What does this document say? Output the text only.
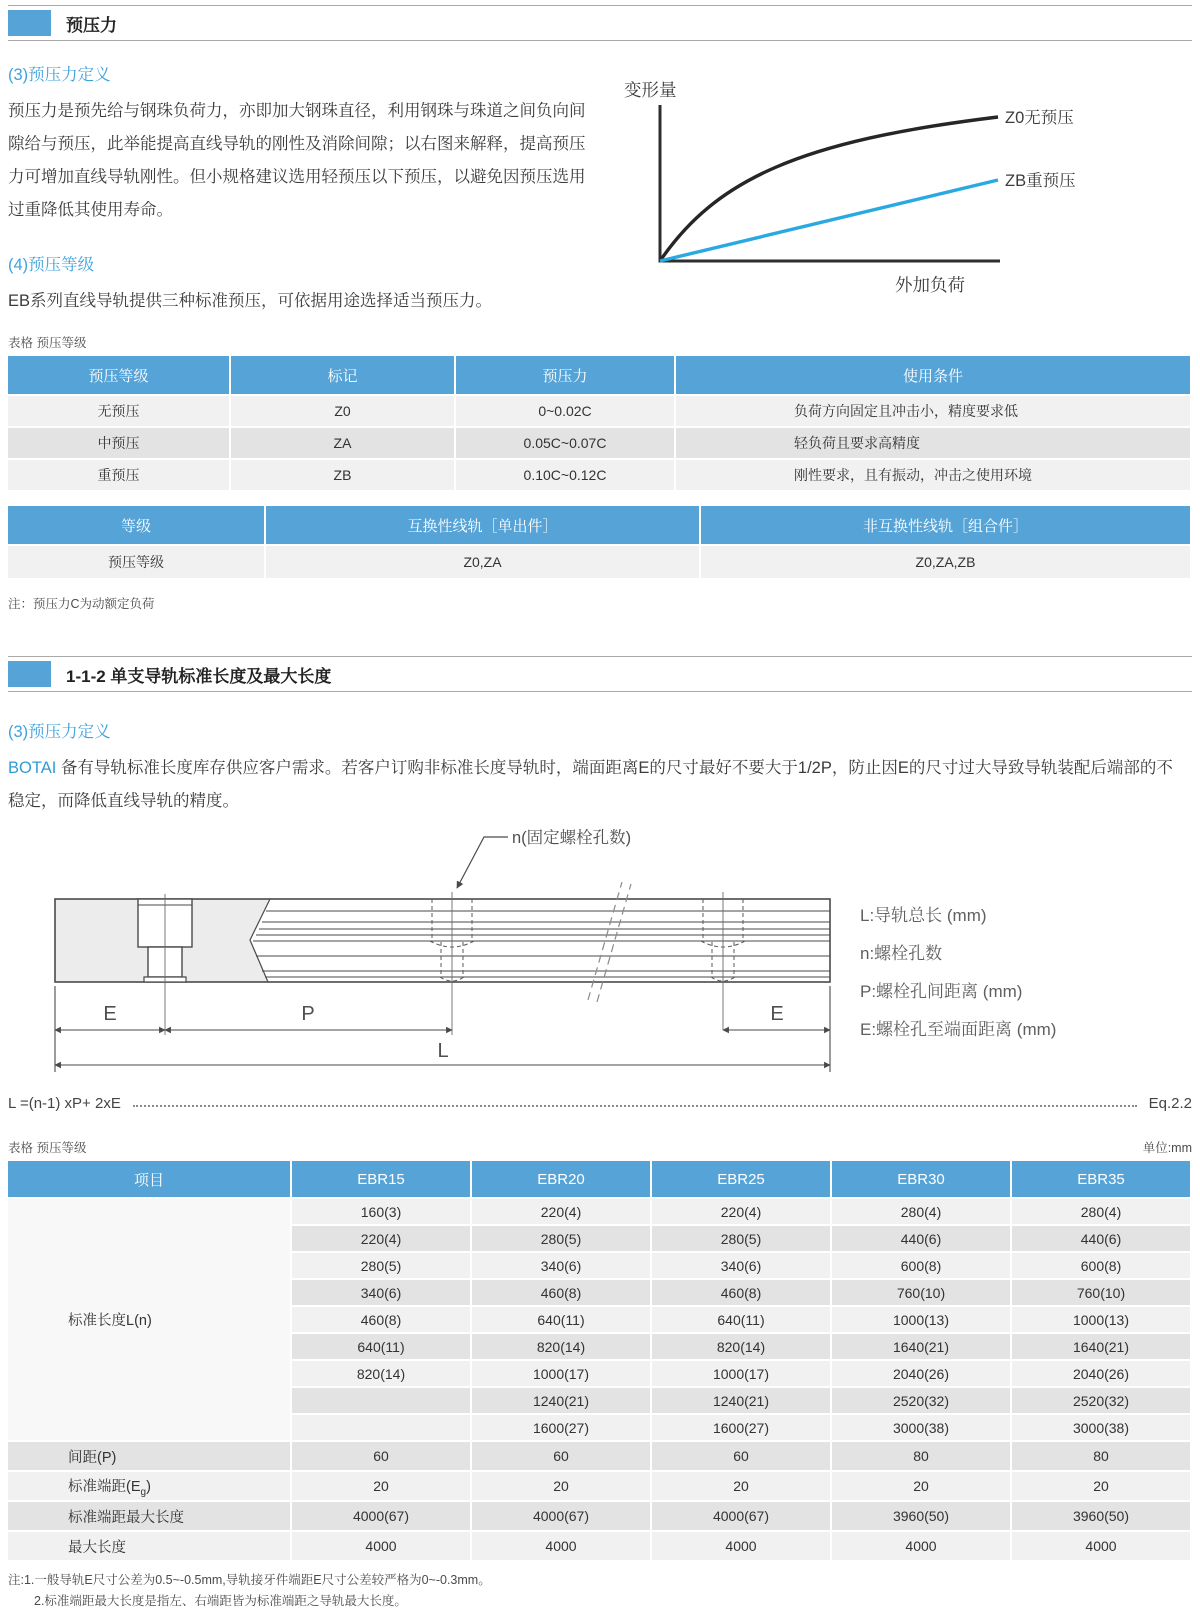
预压力

(3)预压力定义

预压力是预先给与钢珠负荷力，亦即加大钢珠直径，利用钢珠与珠道之间负向间隙给与预压，此举能提高直线导轨的刚性及消除间隙；以右图来解释，提高预压力可增加直线导轨刚性。但小规格建议选用轻预压以下预压，以避免因预压选用过重降低其使用寿命。

(4)预压等级

EB系列直线导轨提供三种标准预压，可依据用途选择适当预压力。

变形量
Z0无预压
ZB重预压
外加负荷
表格 预压等级
预压等级	标记	预压力	使用条件
无预压	Z0	0~0.02C	负荷方向固定且冲击小，精度要求低
中预压	ZA	0.05C~0.07C	轻负荷且要求高精度
重预压	ZB	0.10C~0.12C	刚性要求，且有振动，冲击之使用环境
等级	互换性线轨［单出件］	非互换性线轨［组合件］
预压等级	Z0,ZA	Z0,ZA,ZB
注：预压力C为动额定负荷
1-1-2 单支导轨标准长度及最大长度

(3)预压力定义

BOTAI 备有导轨标准长度库存供应客户需求。若客户订购非标准长度导轨时，端面距离E的尺寸最好不要大于1/2P，防止因E的尺寸过大导致导轨装配后端部的不稳定，而降低直线导轨的精度。

n(固定螺栓孔数)
E	P	E
L
L:导轨总长 (mm)
n:螺栓孔数
P:螺栓孔间距离 (mm)
E:螺栓孔至端面距离 (mm)
L =(n-1) xP+ 2xE	Eq.2.2
表格 预压等级	单位:mm
项目	EBR15	EBR20	EBR25	EBR30	EBR35
标准长度L(n)	160(3)	220(4)	220(4)	280(4)	280(4)
	220(4)	280(5)	280(5)	440(6)	440(6)
	280(5)	340(6)	340(6)	600(8)	600(8)
	340(6)	460(8)	460(8)	760(10)	760(10)
	460(8)	640(11)	640(11)	1000(13)	1000(13)
	640(11)	820(14)	820(14)	1640(21)	1640(21)
	820(14)	1000(17)	1000(17)	2040(26)	2040(26)
		1240(21)	1240(21)	2520(32)	2520(32)
		1600(27)	1600(27)	3000(38)	3000(38)
间距(P)	60	60	60	80	80
标准端距$(E_g)$	20	20	20	20	20
标准端距最大长度	4000(67)	4000(67)	4000(67)	3960(50)	3960(50)
最大长度	4000	4000	4000	4000	4000
注:1.一般导轨E尺寸公差为0.5~-0.5mm,导轨接牙件端距E尺寸公差较严格为0~-0.3mm。
2.标准端距最大长度是指左、右端距皆为标准端距之导轨最大长度。
